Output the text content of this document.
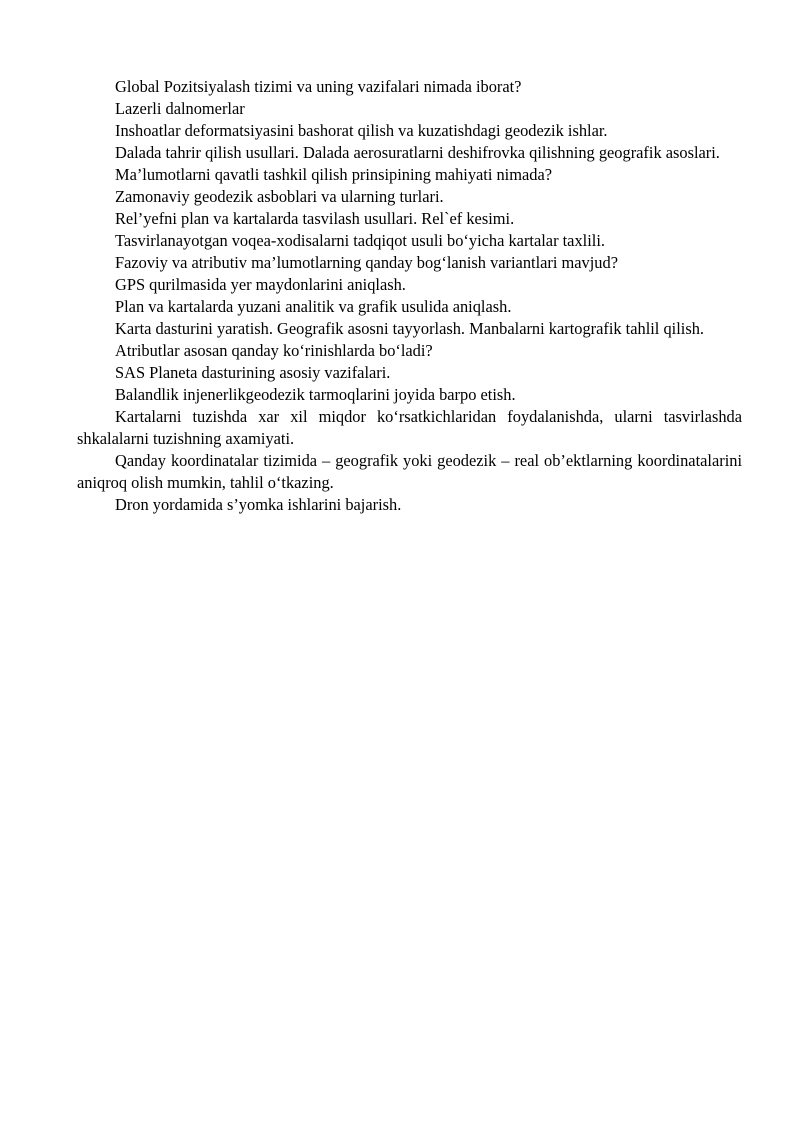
Global Pozitsiyalash tizimi va uning vazifalari nimada iborat?

Lazerli dalnomerlar

Inshoatlar deformatsiyasini bashorat qilish va kuzatishdagi geodezik ishlar.

Dalada tahrir qilish usullari. Dalada aerosuratlarni deshifrovka qilishning geografik asoslari.

Ma’lumotlarni qavatli tashkil qilish prinsipining mahiyati nimada?

Zamonaviy geodezik asboblari va ularning turlari.

Rel’yefni plan va kartalarda tasvilash usullari. Rel`ef kesimi.

Tasvirlanayotgan voqea-xodisalarni tadqiqot usuli bo‘yicha kartalar taxlili.

Fazoviy va atributiv ma’lumotlarning qanday bog‘lanish variantlari mavjud?

GPS qurilmasida yer maydonlarini aniqlash.

Plan va kartalarda yuzani analitik va grafik usulida aniqlash.

Karta dasturini yaratish. Geografik asosni tayyorlash. Manbalarni kartografik tahlil qilish.

Atributlar asosan qanday ko‘rinishlarda bo‘ladi?

SAS Planeta dasturining asosiy vazifalari.

Balandlik injenerlikgeodezik tarmoqlarini joyida barpo etish.

Kartalarni tuzishda xar xil miqdor ko‘rsatkichlaridan foydalanishda, ularni tasvirlashda shkalalarni tuzishning axamiyati.

Qanday koordinatalar tizimida – geografik yoki geodezik – real ob’ektlarning koordinatalarini aniqroq olish mumkin, tahlil o‘tkazing.

Dron yordamida s’yomka ishlarini bajarish.
